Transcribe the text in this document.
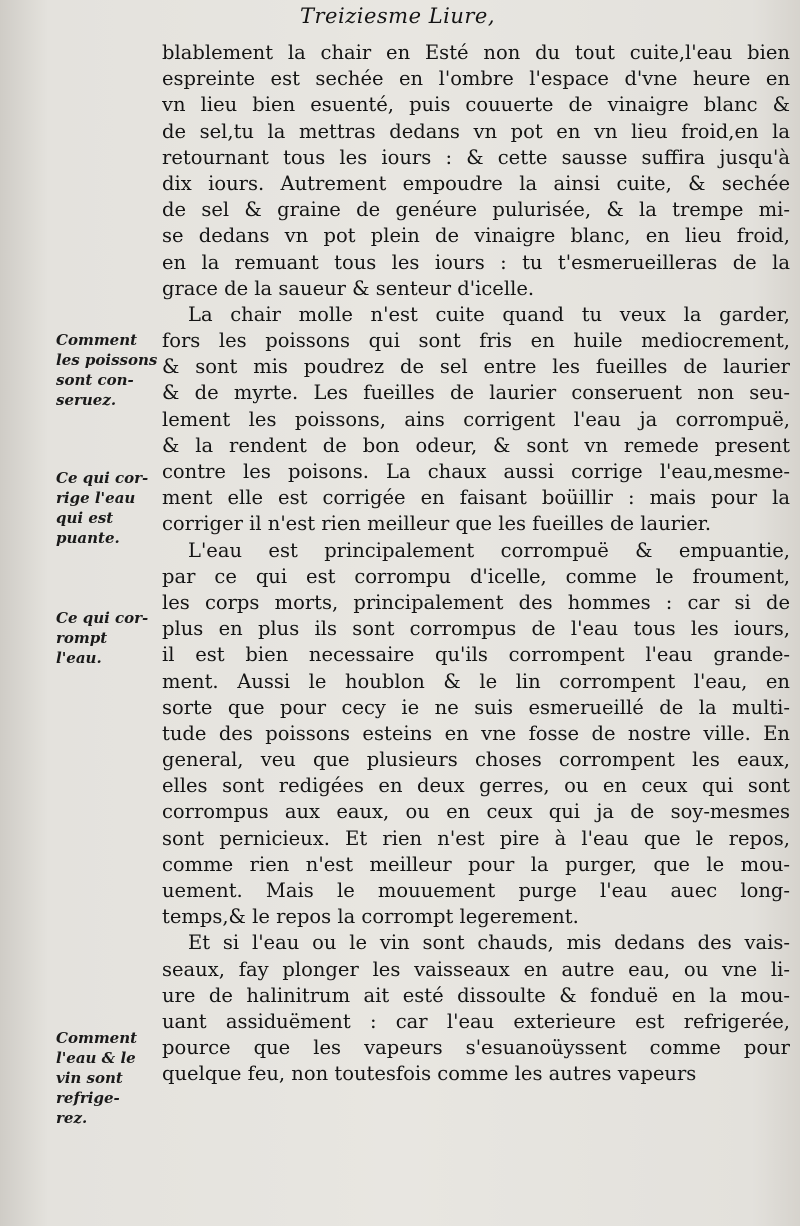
Treiziesme Liure,
Comment
les poissons
sont con-
seruez.
Ce qui cor-
rige l'eau
qui est
puante.
Ce qui cor-
rompt
l'eau.
Comment
l'eau & le
vin sont
refrige-
rez.
blablement la chair en Esté non du tout cuite,l'eau bien
espreinte est sechée en l'ombre l'espace d'vne heure en
vn lieu bien esuenté, puis couuerte de vinaigre blanc &
de sel,tu la mettras dedans vn pot en vn lieu froid,en la
retournant tous les iours : & cette sausse suffira jusqu'à
dix iours. Autrement empoudre la ainsi cuite, & sechée
de sel & graine de genéure pulurisée, & la trempe mi-
se dedans vn pot plein de vinaigre blanc, en lieu froid,
en la remuant tous les iours : tu t'esmerueilleras de la
grace de la saueur & senteur d'icelle.
La chair molle n'est cuite quand tu veux la garder,
fors les poissons qui sont fris en huile mediocrement,
& sont mis poudrez de sel entre les fueilles de laurier
& de myrte. Les fueilles de laurier conseruent non seu-
lement les poissons, ains corrigent l'eau ja corrompuë,
& la rendent de bon odeur, & sont vn remede present
contre les poisons. La chaux aussi corrige l'eau,mesme-
ment elle est corrigée en faisant boüillir : mais pour la
corriger il n'est rien meilleur que les fueilles de laurier.
L'eau est principalement corrompuë & empuantie,
par ce qui est corrompu d'icelle, comme le froument,
les corps morts, principalement des hommes : car si de
plus en plus ils sont corrompus de l'eau tous les iours,
il est bien necessaire qu'ils corrompent l'eau grande-
ment. Aussi le houblon & le lin corrompent l'eau, en
sorte que pour cecy ie ne suis esmerueillé de la multi-
tude des poissons esteins en vne fosse de nostre ville. En
general, veu que plusieurs choses corrompent les eaux,
elles sont redigées en deux gerres, ou en ceux qui sont
corrompus aux eaux, ou en ceux qui ja de soy-mesmes
sont pernicieux. Et rien n'est pire à l'eau que le repos,
comme rien n'est meilleur pour la purger, que le mou-
uement. Mais le mouuement purge l'eau auec long-
temps,& le repos la corrompt legerement.
Et si l'eau ou le vin sont chauds, mis dedans des vais-
seaux, fay plonger les vaisseaux en autre eau, ou vne li-
ure de halinitrum ait esté dissoulte & fonduë en la mou-
uant assiduëment : car l'eau exterieure est refrigerée,
pource que les vapeurs s'esuanoüyssent comme pour
quelque feu, non toutesfois comme les autres vapeurs
